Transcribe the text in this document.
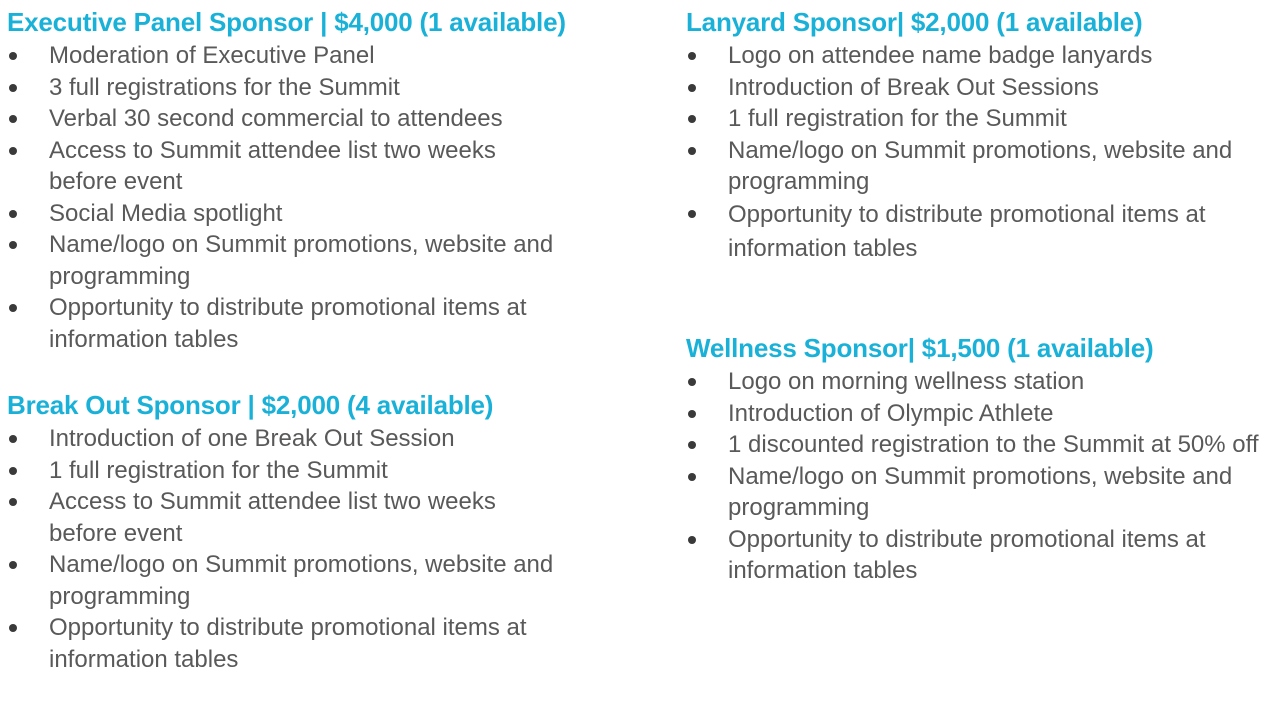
Executive Panel Sponsor | $4,000 (1 available)
Moderation of Executive Panel
3 full registrations for the Summit
Verbal 30 second commercial to attendees
Access to Summit attendee list two weeks before event
Social Media spotlight
Name/logo on Summit promotions, website and programming
Opportunity to distribute promotional items at information tables
Break Out Sponsor | $2,000 (4 available)
Introduction of one Break Out Session
1 full registration for the Summit
Access to Summit attendee list two weeks before event
Name/logo on Summit promotions, website and programming
Opportunity to distribute promotional items at information tables
Lanyard Sponsor| $2,000 (1 available)
Logo on attendee name badge lanyards
Introduction of Break Out Sessions
1 full registration for the Summit
Name/logo on Summit promotions, website and programming
Opportunity to distribute promotional items at information tables
Wellness Sponsor| $1,500 (1 available)
Logo on morning wellness station
Introduction of Olympic Athlete
1 discounted registration to the Summit at 50% off
Name/logo on Summit promotions, website and programming
Opportunity to distribute promotional items at information tables
